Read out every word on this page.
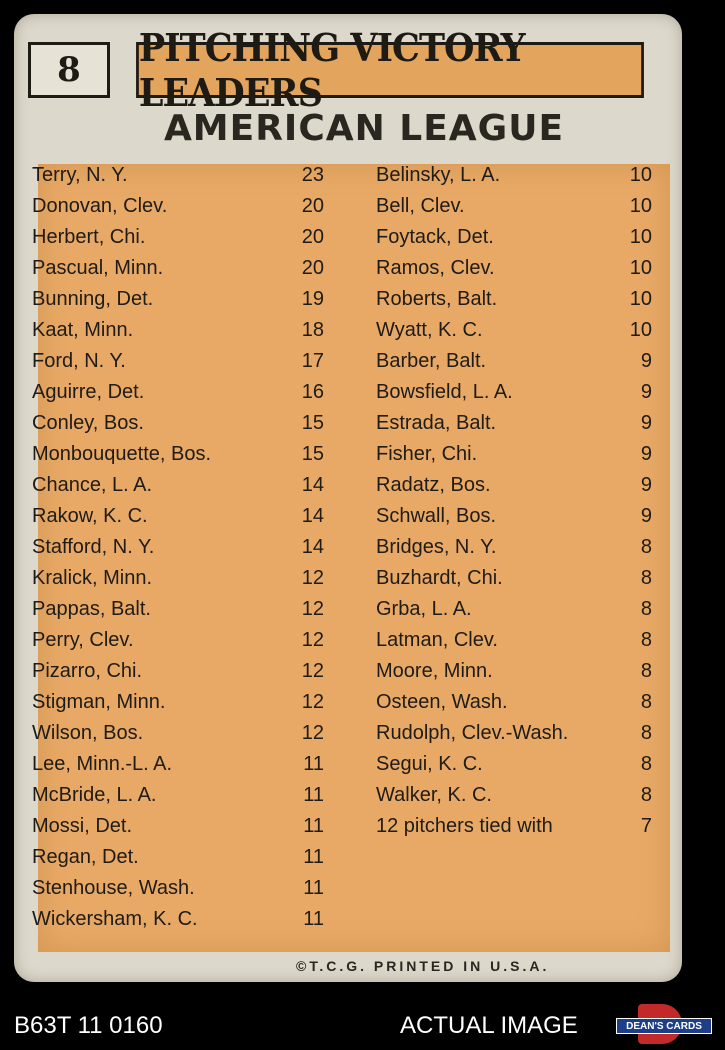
8	PITCHING VICTORY LEADERS
AMERICAN LEAGUE
©T.C.G. PRINTED IN U.S.A.
Terry, N. Y.	23
Donovan, Clev.	20
Herbert, Chi.	20
Pascual, Minn.	20
Bunning, Det.	19
Kaat, Minn.	18
Ford, N. Y.	17
Aguirre, Det.	16
Conley, Bos.	15
Monbouquette, Bos.	15
Chance, L. A.	14
Rakow, K. C.	14
Stafford, N. Y.	14
Kralick, Minn.	12
Pappas, Balt.	12
Perry, Clev.	12
Pizarro, Chi.	12
Stigman, Minn.	12
Wilson, Bos.	12
Lee, Minn.-L. A.	11
McBride, L. A.	11
Mossi, Det.	11
Regan, Det.	11
Stenhouse, Wash.	11
Wickersham, K. C.	11
Belinsky, L. A.	10
Bell, Clev.	10
Foytack, Det.	10
Ramos, Clev.	10
Roberts, Balt.	10
Wyatt, K. C.	10
Barber, Balt.	9
Bowsfield, L. A.	9
Estrada, Balt.	9
Fisher, Chi.	9
Radatz, Bos.	9
Schwall, Bos.	9
Bridges, N. Y.	8
Buzhardt, Chi.	8
Grba, L. A.	8
Latman, Clev.	8
Moore, Minn.	8
Osteen, Wash.	8
Rudolph, Clev.-Wash.	8
Segui, K. C.	8
Walker, K. C.	8
12 pitchers tied with	7
B63T 11 0160	ACTUAL IMAGE	DEAN'S CARDS
